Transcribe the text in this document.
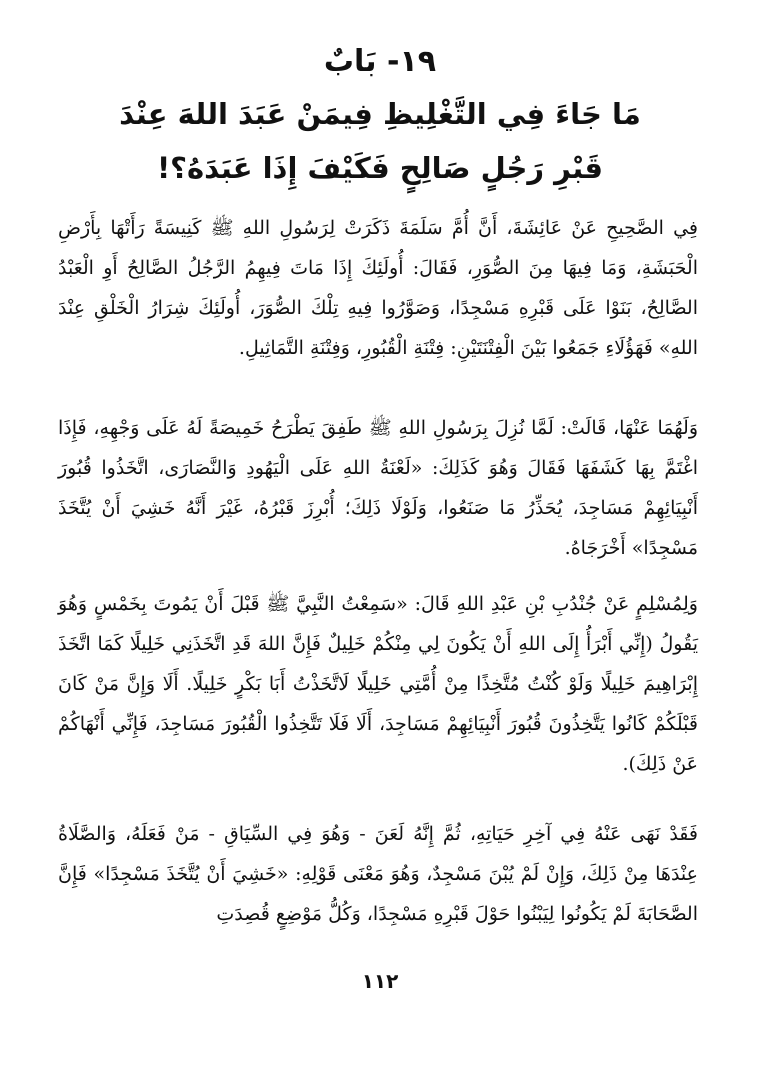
١٩- بَابٌ
مَا جَاءَ فِي التَّغْلِيظِ فِيمَنْ عَبَدَ اللهَ عِنْدَ
قَبْرِ رَجُلٍ صَالِحٍ فَكَيْفَ إِذَا عَبَدَهُ؟!

فِي الصَّحِيحِ عَنْ عَائِشَةَ، أَنَّ أُمَّ سَلَمَةَ ذَكَرَتْ لِرَسُولِ اللهِ ﷺ كَنِيسَةً رَأَتْهَا بِأَرْضِ الْحَبَشَةِ، وَمَا فِيهَا مِنَ الصُّوَرِ، فَقَالَ: أُولَئِكَ إِذَا مَاتَ فِيهِمُ الرَّجُلُ الصَّالِحُ أَوِ الْعَبْدُ الصَّالِحُ، بَنَوْا عَلَى قَبْرِهِ مَسْجِدًا، وَصَوَّرُوا فِيهِ تِلْكَ الصُّوَرَ، أُولَئِكَ شِرَارُ الْخَلْقِ عِنْدَ اللهِ» فَهَؤُلَاءِ جَمَعُوا بَيْنَ الْفِتْنَتَيْنِ: فِتْنَةِ الْقُبُورِ، وَفِتْنَةِ التَّمَاثِيلِ.

وَلَهُمَا عَنْهَا، قَالَتْ: لَمَّا نُزِلَ بِرَسُولِ اللهِ ﷺ طَفِقَ يَطْرَحُ خَمِيصَةً لَهُ عَلَى وَجْهِهِ، فَإِذَا اغْتَمَّ بِهَا كَشَفَهَا فَقَالَ وَهُوَ كَذَلِكَ: «لَعْنَةُ اللهِ عَلَى الْيَهُودِ وَالنَّصَارَى، اتَّخَذُوا قُبُورَ أَنْبِيَائِهِمْ مَسَاجِدَ، يُحَذِّرُ مَا صَنَعُوا، وَلَوْلَا ذَلِكَ؛ أُبْرِزَ قَبْرُهُ، غَيْرَ أَنَّهُ خَشِيَ أَنْ يُتَّخَذَ مَسْجِدًا» أَخْرَجَاهُ.

وَلِمُسْلِمٍ عَنْ جُنْدُبِ بْنِ عَبْدِ اللهِ قَالَ: «سَمِعْتُ النَّبِيَّ ﷺ قَبْلَ أَنْ يَمُوتَ بِخَمْسٍ وَهُوَ يَقُولُ (إِنِّي أَبْرَأُ إِلَى اللهِ أَنْ يَكُونَ لِي مِنْكُمْ خَلِيلٌ فَإِنَّ اللهَ قَدِ اتَّخَذَنِي خَلِيلًا كَمَا اتَّخَذَ إِبْرَاهِيمَ خَلِيلًا وَلَوْ كُنْتُ مُتَّخِذًا مِنْ أُمَّتِي خَلِيلًا لَاتَّخَذْتُ أَبَا بَكْرٍ خَلِيلًا. أَلَا وَإِنَّ مَنْ كَانَ قَبْلَكُمْ كَانُوا يَتَّخِذُونَ قُبُورَ أَنْبِيَائِهِمْ مَسَاجِدَ، أَلَا فَلَا تَتَّخِذُوا الْقُبُورَ مَسَاجِدَ، فَإِنِّي أَنْهَاكُمْ عَنْ ذَلِكَ).

فَقَدْ نَهَى عَنْهُ فِي آخِرِ حَيَاتِهِ، ثُمَّ إِنَّهُ لَعَنَ - وَهُوَ فِي السِّيَاقِ - مَنْ فَعَلَهُ، وَالصَّلَاةُ عِنْدَهَا مِنْ ذَلِكَ، وَإِنْ لَمْ يُبْنَ مَسْجِدٌ، وَهُوَ مَعْنَى قَوْلِهِ: «خَشِيَ أَنْ يُتَّخَذَ مَسْجِدًا» فَإِنَّ الصَّحَابَةَ لَمْ يَكُونُوا لِيَبْنُوا حَوْلَ قَبْرِهِ مَسْجِدًا، وَكُلُّ مَوْضِعٍ قُصِدَتِ

١١٢
